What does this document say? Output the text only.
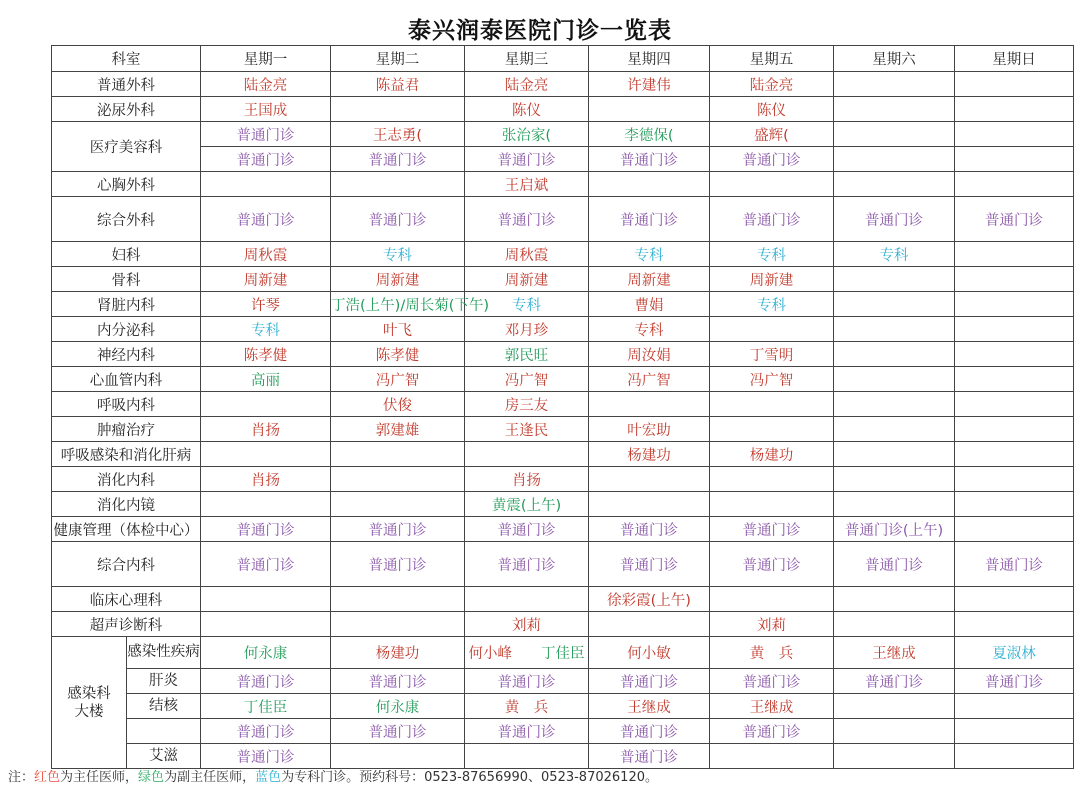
泰兴润泰医院门诊一览表
科室		星期一	星期二	星期三	星期四	星期五	星期六	星期日
普通外科		陆金亮	陈益君	陆金亮	许建伟	陆金亮		
泌尿外科		王国成		陈仪		陈仪		
医疗美容科		普通门诊	王志勇(	张治家(	李德保(	盛辉(		
		普通门诊	普通门诊	普通门诊	普通门诊	普通门诊		
心胸外科				王启斌				
综合外科		普通门诊	普通门诊	普通门诊	普通门诊	普通门诊	普通门诊	普通门诊
妇科		周秋霞	专科	周秋霞	专科	专科	专科	
骨科		周新建	周新建	周新建	周新建	周新建		
肾脏内科		许琴	丁浩(上午)/周长菊(下午)	专科	曹娟	专科		
内分泌科		专科	叶飞	邓月珍	专科			
神经内科		陈孝健	陈孝健	郭民旺	周汝娟	丁雪明		
心血管内科		高丽	冯广智	冯广智	冯广智	冯广智		
呼吸内科			伏俊	房三友				
肿瘤治疗		肖扬	郭建雄	王逢民	叶宏助			
呼吸感染和消化肝病					杨建功	杨建功		
消化内科		肖扬		肖扬				
消化内镜				黄震(上午)				
健康管理（体检中心）		普通门诊	普通门诊	普通门诊	普通门诊	普通门诊	普通门诊(上午)	
综合内科		普通门诊	普通门诊	普通门诊	普通门诊	普通门诊	普通门诊	普通门诊
临床心理科					徐彩霞(上午)			
超声诊断科				刘莉		刘莉		
感染科
大楼	感染性疾病	何永康	杨建功	何小峰　　 丁佳臣	何小敏	黄　兵	王继成	夏淑林
	肝炎	普通门诊	普通门诊	普通门诊	普通门诊	普通门诊	普通门诊	普通门诊
	结核	丁佳臣	何永康	黄　兵	王继成	王继成		
		普通门诊	普通门诊	普通门诊	普通门诊	普通门诊		
	艾滋	普通门诊			普通门诊			
注：红色为主任医师，绿色为副主任医师，蓝色为专科门诊。预约科号：0523-87656990、0523-87026120。
